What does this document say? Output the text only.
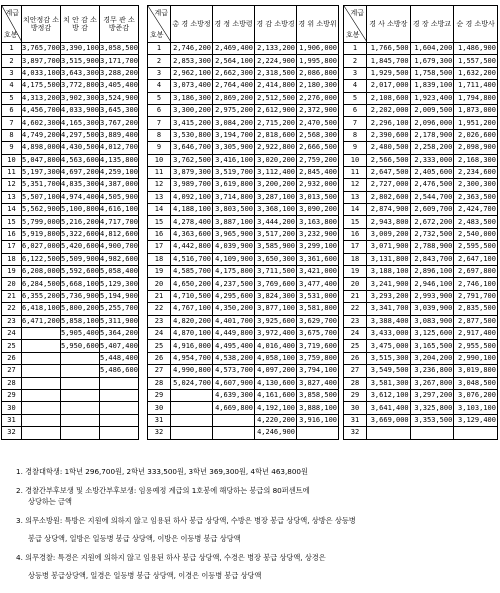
계급
호봉	치안정감 소방정감	치 안 감 소 방 감	경무 관 소방준감
1	3,765,700	3,390,100	3,058,500
2	3,897,700	3,515,900	3,171,700
3	4,033,100	3,643,300	3,288,200
4	4,175,500	3,772,800	3,405,400
5	4,313,200	3,902,300	3,524,900
6	4,456,700	4,033,900	3,645,300
7	4,602,300	4,165,300	3,767,200
8	4,749,200	4,297,500	3,889,400
9	4,898,000	4,430,500	4,012,700
10	5,047,800	4,563,600	4,135,800
11	5,197,300	4,697,200	4,259,100
12	5,351,700	4,835,300	4,387,000
13	5,507,100	4,974,400	4,505,900
14	5,562,900	5,100,800	4,616,100
15	5,799,000	5,216,200	4,717,700
16	5,919,800	5,322,600	4,812,600
17	6,027,000	5,420,600	4,900,700
18	6,122,500	5,509,900	4,982,600
19	6,208,000	5,592,600	5,058,400
20	6,284,500	5,668,100	5,129,300
21	6,355,200	5,736,900	5,194,900
22	6,418,100	5,800,200	5,255,700
23	6,471,200	5,858,100	5,311,900
24		5,905,400	5,364,200
25		5,950,600	5,407,400
26			5,448,400
27			5,486,600
28			
29			
30			
31			
32			
계급
호봉	총 경 소방정	경 정 소방령	경 감 소방경	경 위 소방위
1	2,746,200	2,469,400	2,133,200	1,906,000
2	2,853,300	2,564,100	2,224,900	1,995,800
3	2,962,100	2,662,300	2,318,500	2,086,800
4	3,073,400	2,764,400	2,414,800	2,180,300
5	3,186,300	2,869,200	2,512,500	2,276,000
6	3,300,200	2,975,200	2,612,900	2,372,900
7	3,415,200	3,084,200	2,715,200	2,470,500
8	3,530,800	3,194,700	2,818,600	2,568,300
9	3,646,700	3,305,900	2,922,800	2,666,500
10	3,762,500	3,416,100	3,020,200	2,759,200
11	3,879,300	3,519,700	3,112,400	2,845,400
12	3,989,700	3,619,800	3,200,200	2,932,000
13	4,092,100	3,714,800	3,287,100	3,013,500
14	4,188,100	3,803,500	3,368,100	3,090,200
15	4,278,400	3,887,100	3,444,200	3,163,800
16	4,363,600	3,965,900	3,517,200	3,232,900
17	4,442,800	4,039,900	3,585,900	3,299,100
18	4,516,700	4,109,900	3,650,300	3,361,600
19	4,585,700	4,175,800	3,711,500	3,421,000
20	4,650,200	4,237,500	3,769,600	3,477,400
21	4,710,500	4,295,600	3,824,300	3,531,000
22	4,767,100	4,350,200	3,877,100	3,581,800
23	4,820,200	4,401,700	3,925,600	3,629,700
24	4,870,100	4,449,800	3,972,400	3,675,700
25	4,916,000	4,495,400	4,016,400	3,719,600
26	4,954,700	4,538,200	4,058,100	3,759,800
27	4,990,800	4,573,700	4,097,200	3,794,100
28	5,024,700	4,607,900	4,130,600	3,827,400
29		4,639,300	4,161,600	3,858,500
30		4,669,800	4,192,100	3,888,100
31			4,220,200	3,916,100
32			4,246,900	
계급
호봉	경 사 소방장	경 장 소방교	순 경 소방사
1	1,766,500	1,604,200	1,486,900
2	1,845,700	1,679,300	1,557,500
3	1,929,500	1,758,500	1,632,200
4	2,017,000	1,839,100	1,711,400
5	2,108,600	1,923,400	1,794,800
6	2,202,000	2,009,500	1,873,000
7	2,296,100	2,096,000	1,951,200
8	2,390,600	2,178,900	2,026,600
9	2,480,500	2,258,200	2,098,900
10	2,566,500	2,333,000	2,168,300
11	2,647,500	2,405,600	2,234,600
12	2,727,000	2,476,500	2,300,300
13	2,802,600	2,544,700	2,363,500
14	2,874,900	2,609,700	2,424,700
15	2,943,800	2,672,200	2,483,500
16	3,009,200	2,732,500	2,540,000
17	3,071,900	2,788,900	2,595,500
18	3,131,800	2,843,700	2,647,100
19	3,188,100	2,896,100	2,697,800
20	3,241,900	2,946,100	2,746,100
21	3,293,200	2,993,900	2,791,700
22	3,341,700	3,039,900	2,835,500
23	3,388,400	3,083,900	2,877,500
24	3,433,000	3,125,600	2,917,400
25	3,475,000	3,165,500	2,955,500
26	3,515,300	3,204,200	2,990,100
27	3,549,500	3,236,800	3,019,800
28	3,581,300	3,267,800	3,048,500
29	3,612,100	3,297,200	3,076,200
30	3,641,400	3,325,800	3,103,100
31	3,669,000	3,353,500	3,129,400
32			

1. 경찰대학생: 1학년 296,700원, 2학년 333,500원, 3학년 369,300원, 4학년 463,800원

2. 경찰간부후보생 및 소방간부후보생: 임용예정 계급의 1호봉에 해당하는 봉급의 80퍼센트에

상당하는 금액

3. 의무소방원: 특방은 지원에 의하지 않고 임용된 하사 봉급 상당액, 수방은 병장 봉급 상당액, 상방은 상등병

봉급 상당액, 일방은 일등병 봉급 상당액, 이방은 이등병 봉급 상당액

4. 의무경찰: 특경은 지원에 의하지 않고 임용된 하사 봉급 상당액, 수경은 병장 봉급 상당액, 상경은

상등병 봉급상당액, 일경은 일등병 봉급 상당액, 이경은 이등병 봉급 상당액
